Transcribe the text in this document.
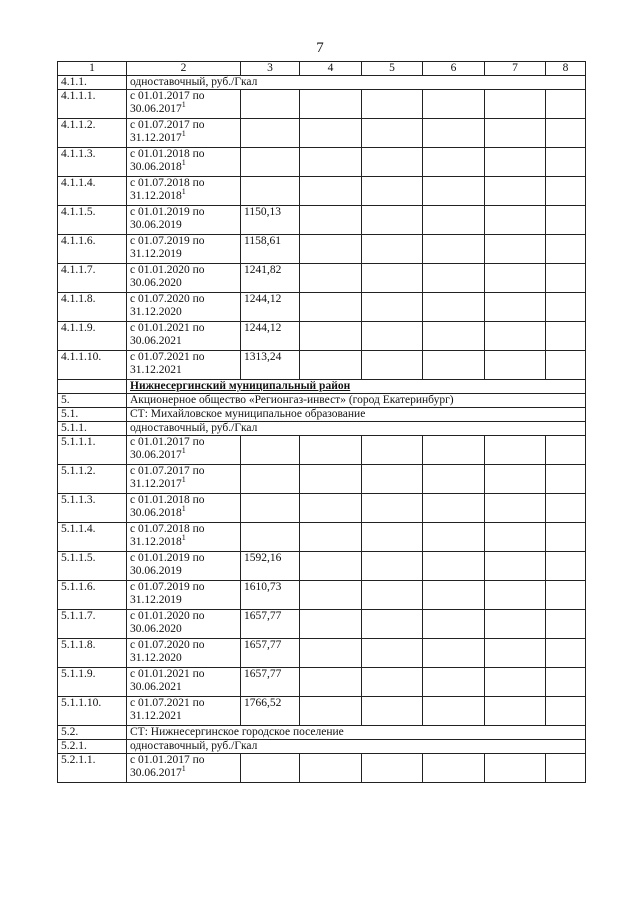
7
1	2	3	4	5	6	7	8
4.1.1.	одноставочный, руб./Гкал						
4.1.1.1.	с 01.01.2017 по
30.06.2017$^1$						
4.1.1.2.	с 01.07.2017 по
31.12.2017$^1$						
4.1.1.3.	с 01.01.2018 по
30.06.2018$^1$						
4.1.1.4.	с 01.07.2018 по
31.12.2018$^1$						
4.1.1.5.	с 01.01.2019 по
30.06.2019	1150,13					
4.1.1.6.	с 01.07.2019 по
31.12.2019	1158,61					
4.1.1.7.	с 01.01.2020 по
30.06.2020	1241,82					
4.1.1.8.	с 01.07.2020 по
31.12.2020	1244,12					
4.1.1.9.	с 01.01.2021 по
30.06.2021	1244,12					
4.1.1.10.	с 01.07.2021 по
31.12.2021	1313,24					
	Нижнесергинский муниципальный район						
5.	Акционерное общество «Регионгаз-инвест» (город Екатеринбург)						
5.1.	СТ: Михайловское муниципальное образование						
5.1.1.	одноставочный, руб./Гкал						
5.1.1.1.	с 01.01.2017 по
30.06.2017$^1$						
5.1.1.2.	с 01.07.2017 по
31.12.2017$^1$						
5.1.1.3.	с 01.01.2018 по
30.06.2018$^1$						
5.1.1.4.	с 01.07.2018 по
31.12.2018$^1$						
5.1.1.5.	с 01.01.2019 по
30.06.2019	1592,16					
5.1.1.6.	с 01.07.2019 по
31.12.2019	1610,73					
5.1.1.7.	с 01.01.2020 по
30.06.2020	1657,77					
5.1.1.8.	с 01.07.2020 по
31.12.2020	1657,77					
5.1.1.9.	с 01.01.2021 по
30.06.2021	1657,77					
5.1.1.10.	с 01.07.2021 по
31.12.2021	1766,52					
5.2.	СТ: Нижнесергинское городское поселение						
5.2.1.	одноставочный, руб./Гкал						
5.2.1.1.	с 01.01.2017 по
30.06.2017$^1$						
